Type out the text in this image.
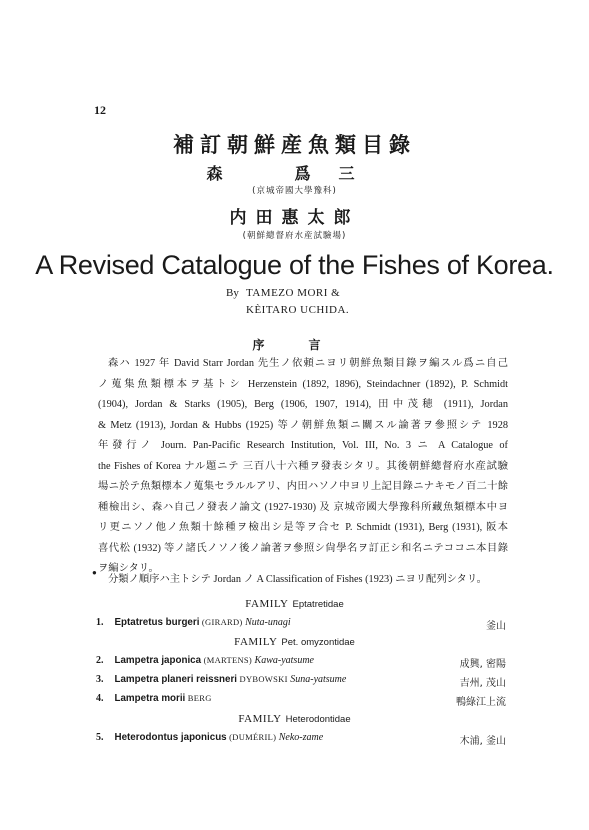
12
補訂朝鮮産魚類目錄
森　爲三
(京城帝國大學豫科)
内田惠太郎
(朝鮮總督府水産試驗場)
A Revised Catalogue of the Fishes of Korea.
By TAMEZO MORI &
KÈITARO UCHIDA.
序　言
森ハ 1927 年 David Starr Jordan 先生ノ依頼ニヨリ朝鮮魚類目錄ヲ編スル爲ニ自己
ノ蒐集魚類標本ヲ基トシ Herzenstein (1892, 1896), Steindachner (1892), P. Schmidt
(1904), Jordan & Starks (1905), Berg (1906, 1907, 1914), 田中茂穂 (1911), Jordan
& Metz (1913), Jordan & Hubbs (1925) 等ノ朝鮮魚類ニ關スル論著ヲ參照シテ 1928
年發行ノ Journ. Pan-Pacific Research Institution, Vol. III, No. 3 ニ A Catalogue of
the Fishes of Korea ナル題ニテ 三百八十六種ヲ發表シタリ。其後朝鮮總督府水産試驗
場ニ於テ魚類標本ノ蒐集セラルルアリ、内田ハソノ中ヨリ上記目錄ニナキモノ百二十餘
種檢出シ、森ハ自己ノ發表ノ論文 (1927-1930) 及 京城帝國大學豫科所藏魚類標本中ヨ
リ更ニソノ他ノ魚類十餘種ヲ檢出シ是等ヲ合セ P. Schmidt (1931), Berg (1931), 阪本
喜代松 (1932) 等ノ諸氏ノソノ後ノ論著ヲ參照シ尙學名ヲ訂正シ和名ニテココニ本目錄
ヲ編シタリ。
●
分類ノ順序ハ主トシテ Jordan ノ A Classification of Fishes (1923) ニヨリ配列シタリ。
FAMILY Eptatretidae
1. Eptatretus burgeri (GIRARD) Nuta-unagi	釜山
FAMILY Pet. omyzontidae
2. Lampetra japonica (MARTENS) Kawa-yatsume	成興, 密陽
3. Lampetra planeri reissneri DYBOWSKI Suna-yatsume	吉州, 茂山
4. Lampetra morii BERG	鴨綠江上流
FAMILY Heterodontidae
5. Heterodontus japonicus (DUMÉRIL) Neko-zame	木浦, 釜山
